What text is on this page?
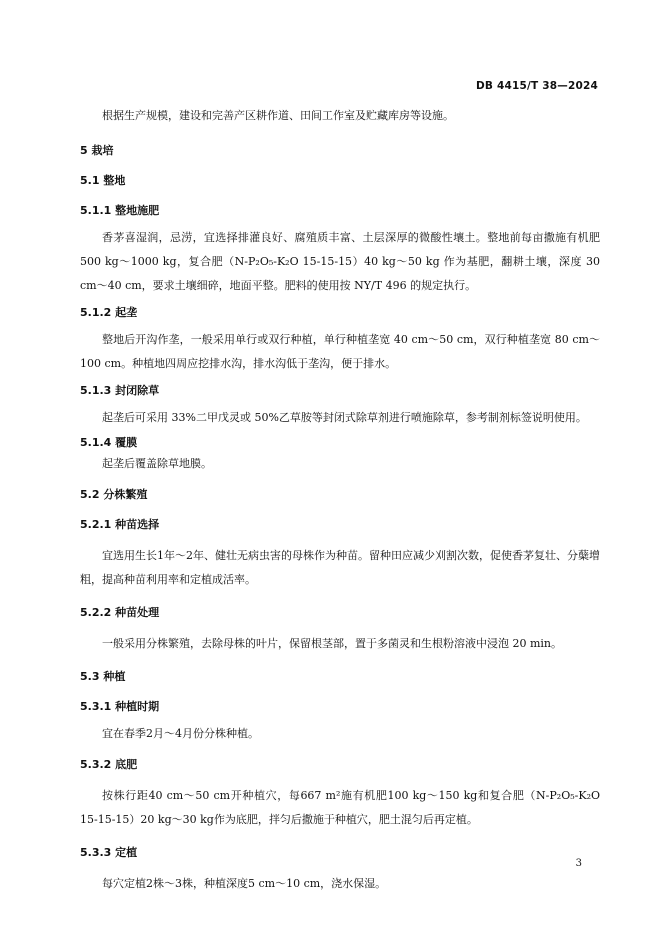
DB 4415/T 38—2024

根据生产规模，建设和完善产区耕作道、田间工作室及贮藏库房等设施。

5 栽培
5.1 整地
5.1.1 整地施肥

香茅喜湿润，忌涝，宜选择排灌良好、腐殖质丰富、土层深厚的微酸性壤土。整地前每亩撒施有机肥 500 kg～1000 kg，复合肥（N-P₂O₅-K₂O 15-15-15）40 kg～50 kg 作为基肥，翻耕土壤，深度 30 cm～40 cm，要求土壤细碎，地面平整。肥料的使用按 NY/T 496 的规定执行。

5.1.2 起垄

整地后开沟作垄，一般采用单行或双行种植，单行种植垄宽 40 cm～50 cm，双行种植垄宽 80 cm～100 cm。种植地四周应挖排水沟，排水沟低于垄沟，便于排水。

5.1.3 封闭除草

起垄后可采用 33%二甲戊灵或 50%乙草胺等封闭式除草剂进行喷施除草，参考制剂标签说明使用。

5.1.4 覆膜

起垄后覆盖除草地膜。

5.2 分株繁殖
5.2.1 种苗选择

宜选用生长1年～2年、健壮无病虫害的母株作为种苗。留种田应减少刈割次数，促使香茅复壮、分蘖增粗，提高种苗利用率和定植成活率。

5.2.2 种苗处理

一般采用分株繁殖，去除母株的叶片，保留根茎部，置于多菌灵和生根粉溶液中浸泡 20 min。

5.3 种植
5.3.1 种植时期

宜在春季2月～4月份分株种植。

5.3.2 底肥

按株行距40 cm～50 cm开种植穴，每667 m²施有机肥100 kg～150 kg和复合肥（N-P₂O₅-K₂O 15-15-15）20 kg～30 kg作为底肥，拌匀后撒施于种植穴，肥土混匀后再定植。

5.3.3 定植

每穴定植2株～3株，种植深度5 cm～10 cm，浇水保湿。

3
